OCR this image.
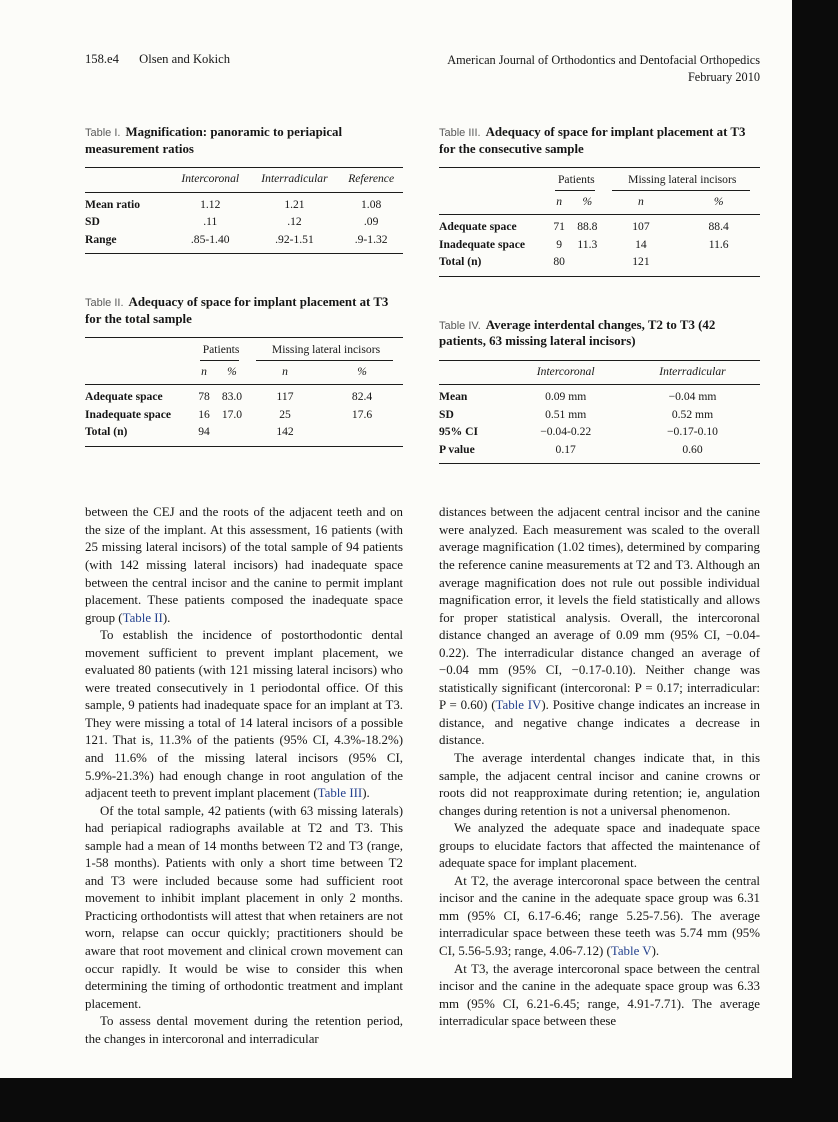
158.e4 Olsen and Kokich	American Journal of Orthodontics and Dentofacial Orthopedics
February 2010
Table I. Magnification: panoramic to periapical measurement ratios
	Intercoronal	Interradicular	Reference
Mean ratio	1.12	1.21	1.08
SD	.11	.12	.09
Range	.85-1.40	.92-1.51	.9-1.32
Table II. Adequacy of space for implant placement at T3 for the total sample
	Patients		Missing lateral incisors	
	n	%	n	%
Adequate space	78	83.0	117	82.4
Inadequate space	16	17.0	25	17.6
Total (n)	94		142	
Table III. Adequacy of space for implant placement at T3 for the consecutive sample
	Patients		Missing lateral incisors	
	n	%	n	%
Adequate space	71	88.8	107	88.4
Inadequate space	9	11.3	14	11.6
Total (n)	80		121	
Table IV. Average interdental changes, T2 to T3 (42 patients, 63 missing lateral incisors)
	Intercoronal	Interradicular
Mean	0.09 mm	−0.04 mm
SD	0.51 mm	0.52 mm
95% CI	−0.04-0.22	−0.17-0.10
P value	0.17	0.60

between the CEJ and the roots of the adjacent teeth and on the size of the implant. At this assessment, 16 patients (with 25 missing lateral incisors) of the total sample of 94 patients (with 142 missing lateral incisors) had inadequate space between the central incisor and the canine to permit implant placement. These patients composed the inadequate space group (Table II).

To establish the incidence of postorthodontic dental movement sufficient to prevent implant placement, we evaluated 80 patients (with 121 missing lateral incisors) who were treated consecutively in 1 periodontal office. Of this sample, 9 patients had inadequate space for an implant at T3. They were missing a total of 14 lateral incisors of a possible 121. That is, 11.3% of the patients (95% CI, 4.3%-18.2%) and 11.6% of the missing lateral incisors (95% CI, 5.9%-21.3%) had enough change in root angulation of the adjacent teeth to prevent implant placement (Table III).

Of the total sample, 42 patients (with 63 missing laterals) had periapical radiographs available at T2 and T3. This sample had a mean of 14 months between T2 and T3 (range, 1-58 months). Patients with only a short time between T2 and T3 were included because some had sufficient root movement to inhibit implant placement in only 2 months. Practicing orthodontists will attest that when retainers are not worn, relapse can occur quickly; practitioners should be aware that root movement and clinical crown movement can occur rapidly. It would be wise to consider this when determining the timing of orthodontic treatment and implant placement.

To assess dental movement during the retention period, the changes in intercoronal and interradicular

distances between the adjacent central incisor and the canine were analyzed. Each measurement was scaled to the overall average magnification (1.02 times), determined by comparing the reference canine measurements at T2 and T3. Although an average magnification does not rule out possible individual magnification error, it levels the field statistically and allows for proper statistical analysis. Overall, the intercoronal distance changed an average of 0.09 mm (95% CI, −0.04-0.22). The interradicular distance changed an average of −0.04 mm (95% CI, −0.17-0.10). Neither change was statistically significant (intercoronal: P = 0.17; interradicular: P = 0.60) (Table IV). Positive change indicates an increase in distance, and negative change indicates a decrease in distance.

The average interdental changes indicate that, in this sample, the adjacent central incisor and canine crowns or roots did not reapproximate during retention; ie, angulation changes during retention is not a universal phenomenon.

We analyzed the adequate space and inadequate space groups to elucidate factors that affected the maintenance of adequate space for implant placement.

At T2, the average intercoronal space between the central incisor and the canine in the adequate space group was 6.31 mm (95% CI, 6.17-6.46; range 5.25-7.56). The average interradicular space between these teeth was 5.74 mm (95% CI, 5.56-5.93; range, 4.06-7.12) (Table V).

At T3, the average intercoronal space between the central incisor and the canine in the adequate space group was 6.33 mm (95% CI, 6.21-6.45; range, 4.91-7.71). The average interradicular space between these
